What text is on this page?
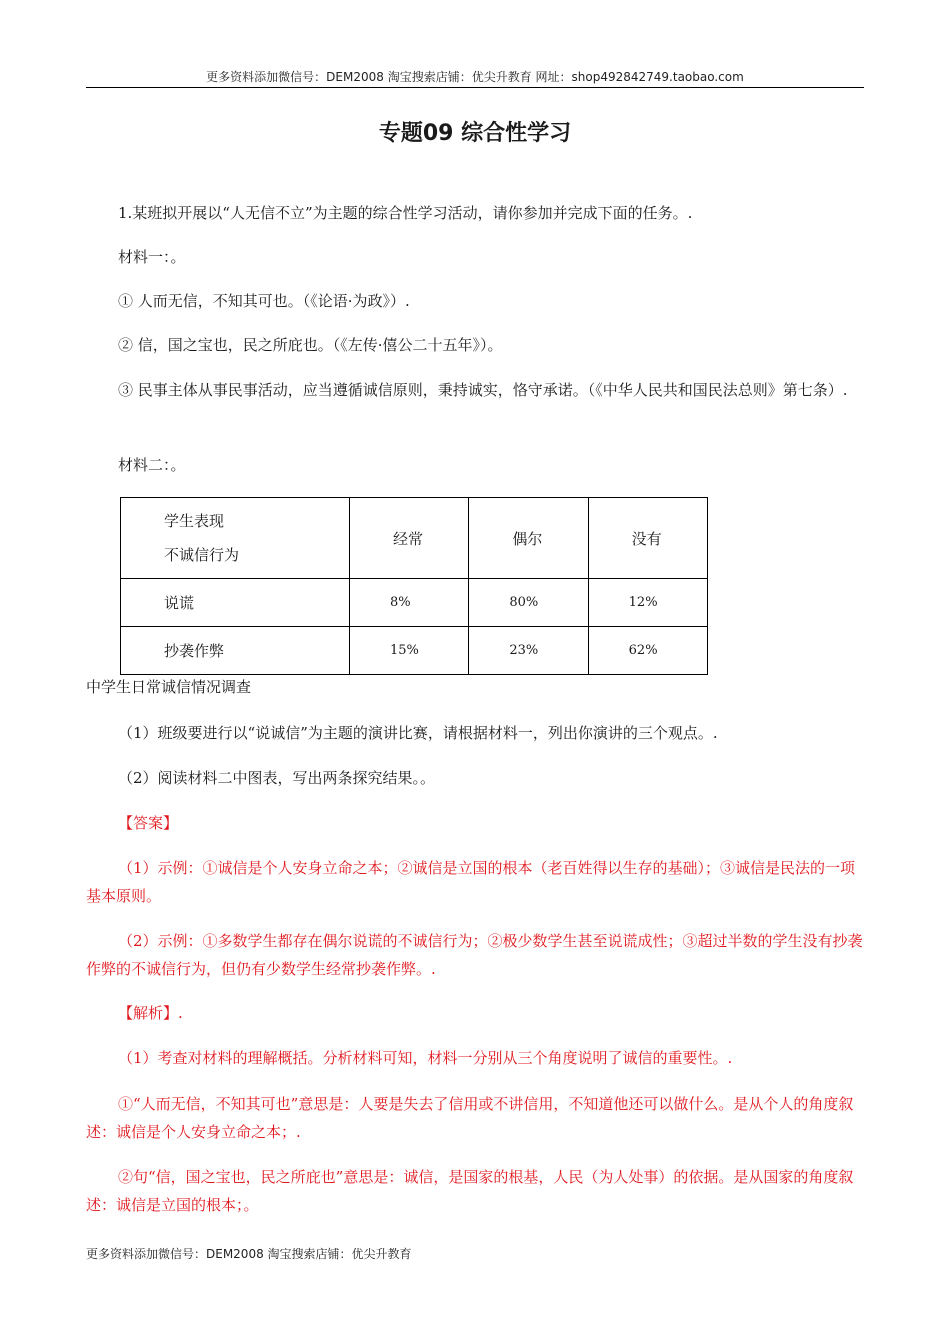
更多资料添加微信号：DEM2008 淘宝搜索店铺：优尖升教育 网址：shop492842749.taobao.com
专题09 综合性学习

1.某班拟开展以“人无信不立”为主题的综合性学习活动，请你参加并完成下面的任务。.

材料一：。

① 人而无信，不知其可也。（《论语·为政》）.

② 信，国之宝也，民之所庇也。（《左传·僖公二十五年》）。

③ 民事主体从事民事活动，应当遵循诚信原则，秉持诚实，恪守承诺。（《中华人民共和国民法总则》第七条）.

材料二：。

学生表现
不诚信行为	经常	偶尔	没有
说谎	8%	80%	12%
抄袭作弊	15%	23%	62%
中学生日常诚信情况调查

（1）班级要进行以“说诚信”为主题的演讲比赛，请根据材料一，列出你演讲的三个观点。.

（2）阅读材料二中图表，写出两条探究结果。。

【答案】

（1）示例：①诚信是个人安身立命之本；②诚信是立国的根本（老百姓得以生存的基础）；③诚信是民法的一项基本原则。

（2）示例：①多数学生都存在偶尔说谎的不诚信行为；②极少数学生甚至说谎成性；③超过半数的学生没有抄袭作弊的不诚信行为，但仍有少数学生经常抄袭作弊。.

【解析】.

（1）考查对材料的理解概括。分析材料可知，材料一分别从三个角度说明了诚信的重要性。.

①“人而无信，不知其可也”意思是：人要是失去了信用或不讲信用，不知道他还可以做什么。是从个人的角度叙述：诚信是个人安身立命之本；.

②句“信，国之宝也，民之所庇也”意思是：诚信，是国家的根基，人民（为人处事）的依据。是从国家的角度叙述：诚信是立国的根本；。

更多资料添加微信号：DEM2008 淘宝搜索店铺：优尖升教育
